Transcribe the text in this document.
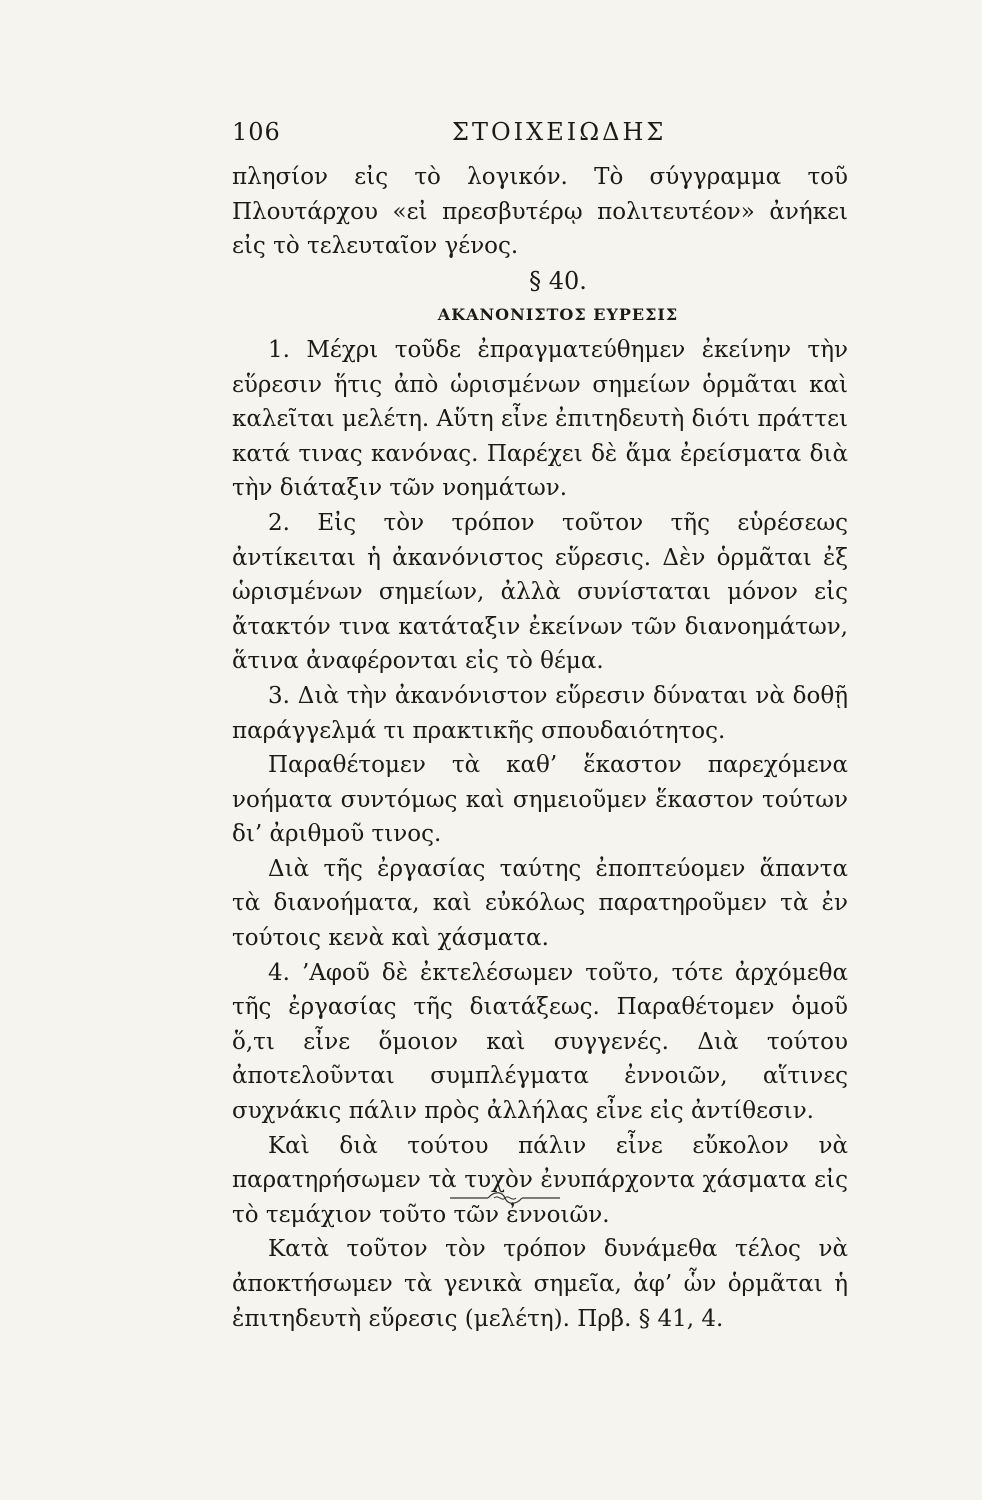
106	ΣΤΟΙΧΕΙΩΔΗΣ

πλησίον εἰς τὸ λογικόν. Τὸ σύγγραμμα τοῦ Πλουτάρχου «εἰ πρεσβυτέρῳ πολιτευτέον» ἀνήκει εἰς τὸ τελευταῖον γένος.

§ 40.

ΑΚΑΝΟΝΙΣΤΟΣ ΕΥΡΕΣΙΣ

1. Μέχρι τοῦδε ἐπραγματεύθημεν ἐκείνην τὴν εὕρεσιν ἥτις ἀπὸ ὡρισμένων σημείων ὁρμᾶται καὶ καλεῖται μελέτη. Αὕτη εἶνε ἐπιτηδευτὴ διότι πράττει κατά τινας κανόνας. Παρέχει δὲ ἅμα ἐρείσματα διὰ τὴν διάταξιν τῶν νοημάτων.

2. Εἰς τὸν τρόπον τοῦτον τῆς εὑρέσεως ἀντίκειται ἡ ἀκανόνιστος εὕρεσις. Δὲν ὁρμᾶται ἐξ ὡρισμένων σημείων, ἀλλὰ συνίσταται μόνον εἰς ἄτακτόν τινα κατάταξιν ἐκείνων τῶν διανοημάτων, ἅτινα ἀναφέρονται εἰς τὸ θέμα.

3. Διὰ τὴν ἀκανόνιστον εὕρεσιν δύναται νὰ δοθῇ παράγγελμά τι πρακτικῆς σπουδαιότητος.

Παραθέτομεν τὰ καθ’ ἕκαστον παρεχόμενα νοήματα συντόμως καὶ σημειοῦμεν ἕκαστον τούτων δι’ ἀριθμοῦ τινος.

Διὰ τῆς ἐργασίας ταύτης ἐποπτεύομεν ἅπαντα τὰ διανοήματα, καὶ εὐκόλως παρατηροῦμεν τὰ ἐν τούτοις κενὰ καὶ χάσματα.

4. ’Αφοῦ δὲ ἐκτελέσωμεν τοῦτο, τότε ἀρχόμεθα τῆς ἐργασίας τῆς διατάξεως. Παραθέτομεν ὁμοῦ ὅ,τι εἶνε ὅμοιον καὶ συγγενές. Διὰ τούτου ἀποτελοῦνται συμπλέγματα ἐννοιῶν, αἵτινες συχνάκις πάλιν πρὸς ἀλλήλας εἶνε εἰς ἀντίθεσιν.

Καὶ διὰ τούτου πάλιν εἶνε εὔκολον νὰ παρατηρήσωμεν τὰ τυχὸν ἐνυπάρχοντα χάσματα εἰς τὸ τεμάχιον τοῦτο τῶν ἐννοιῶν.

Κατὰ τοῦτον τὸν τρόπον δυνάμεθα τέλος νὰ ἀποκτήσωμεν τὰ γενικὰ σημεῖα, ἀφ’ ὧν ὁρμᾶται ἡ ἐπιτηδευτὴ εὕρεσις (μελέτη). Πρβ. § 41, 4.
